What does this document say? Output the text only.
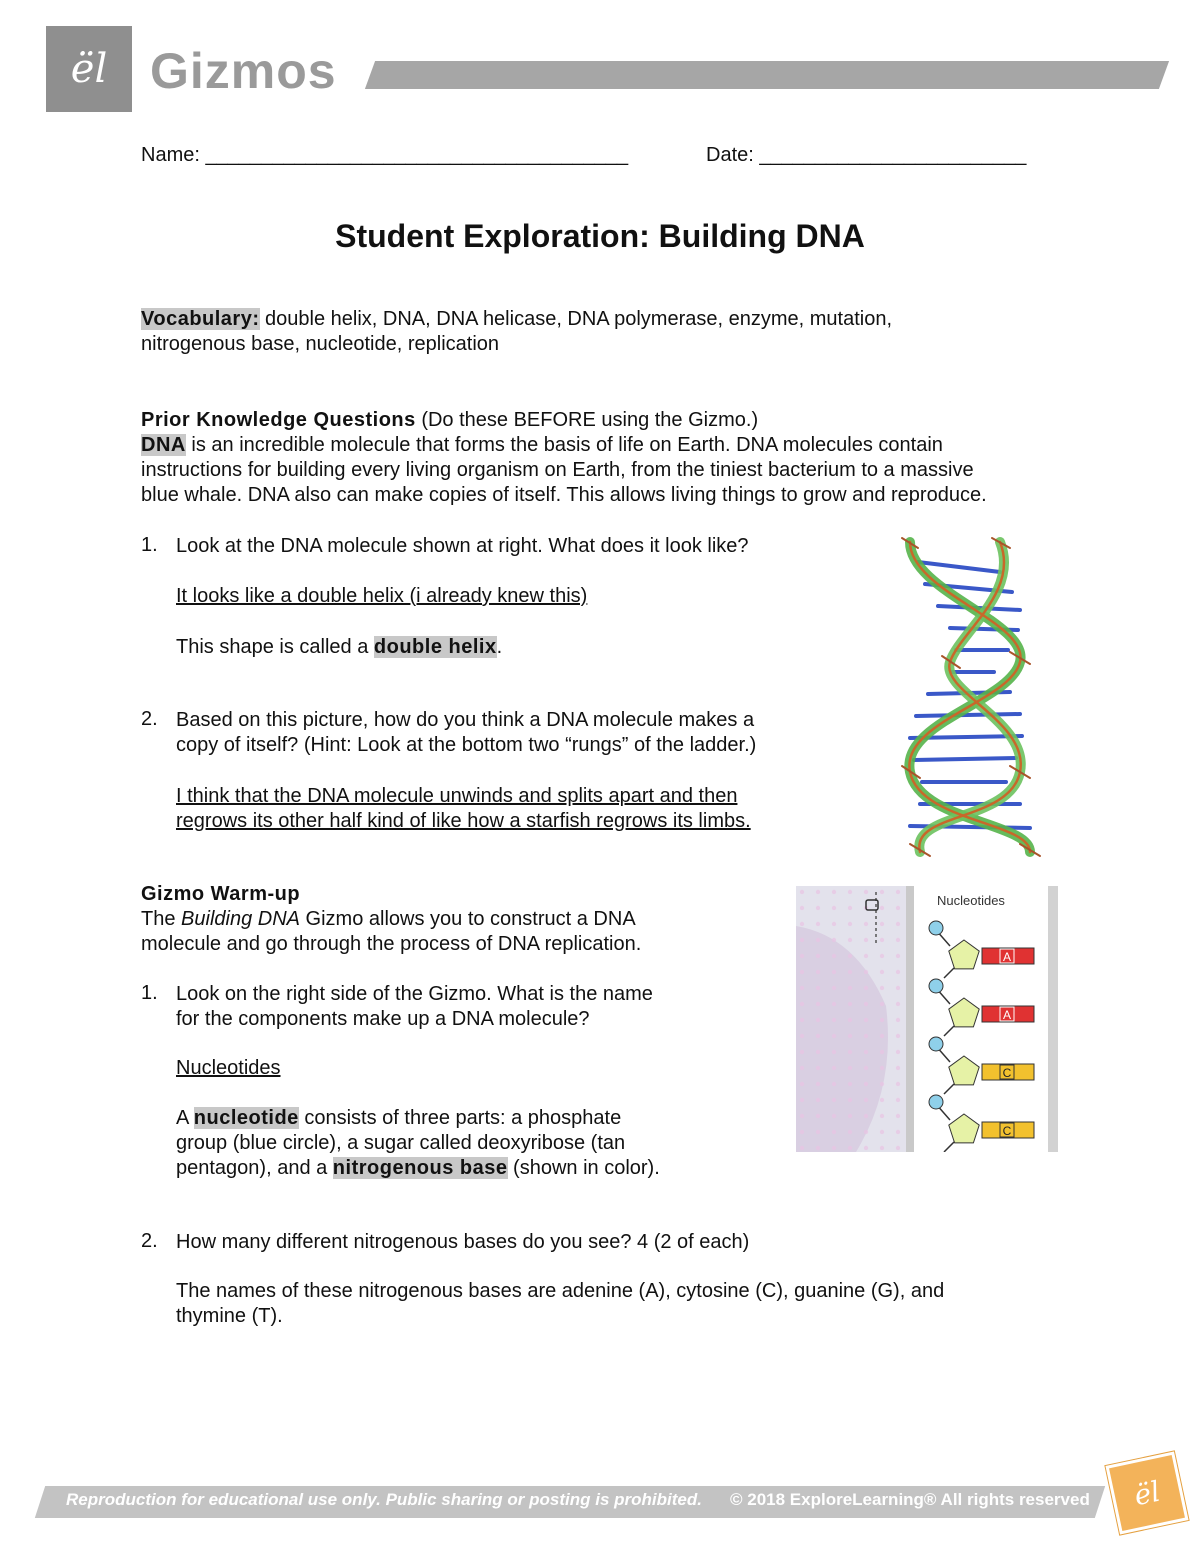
ël Gizmos
Name: ______________________________________	Date: ________________________
Student Exploration: Building DNA
Vocabulary: double helix, DNA, DNA helicase, DNA polymerase, enzyme, mutation,
nitrogenous base, nucleotide, replication
Prior Knowledge Questions (Do these BEFORE using the Gizmo.)
DNA is an incredible molecule that forms the basis of life on Earth. DNA molecules contain
instructions for building every living organism on Earth, from the tiniest bacterium to a massive
blue whale. DNA also can make copies of itself. This allows living things to grow and reproduce.
1. Look at the DNA molecule shown at right. What does it look like?
It looks like a double helix (i already knew this)
This shape is called a double helix.
2. Based on this picture, how do you think a DNA molecule makes a
copy of itself? (Hint: Look at the bottom two “rungs” of the ladder.)
I think that the DNA molecule unwinds and splits apart and then
regrows its other half kind of like how a starfish regrows its limbs.
Gizmo Warm-up
The Building DNA Gizmo allows you to construct a DNA
molecule and go through the process of DNA replication.
1. Look on the right side of the Gizmo. What is the name
for the components make up a DNA molecule?
Nucleotides
A nucleotide consists of three parts: a phosphate
group (blue circle), a sugar called deoxyribose (tan
pentagon), and a nitrogenous base (shown in color).
2. How many different nitrogenous bases do you see? 4 (2 of each)
The names of these nitrogenous bases are adenine (A), cytosine (C), guanine (G), and
thymine (T).
Nucleotides
A
A
C
C
Reproduction for educational use only. Public sharing or posting is prohibited. © 2018 ExploreLearning® All rights reserved ël
